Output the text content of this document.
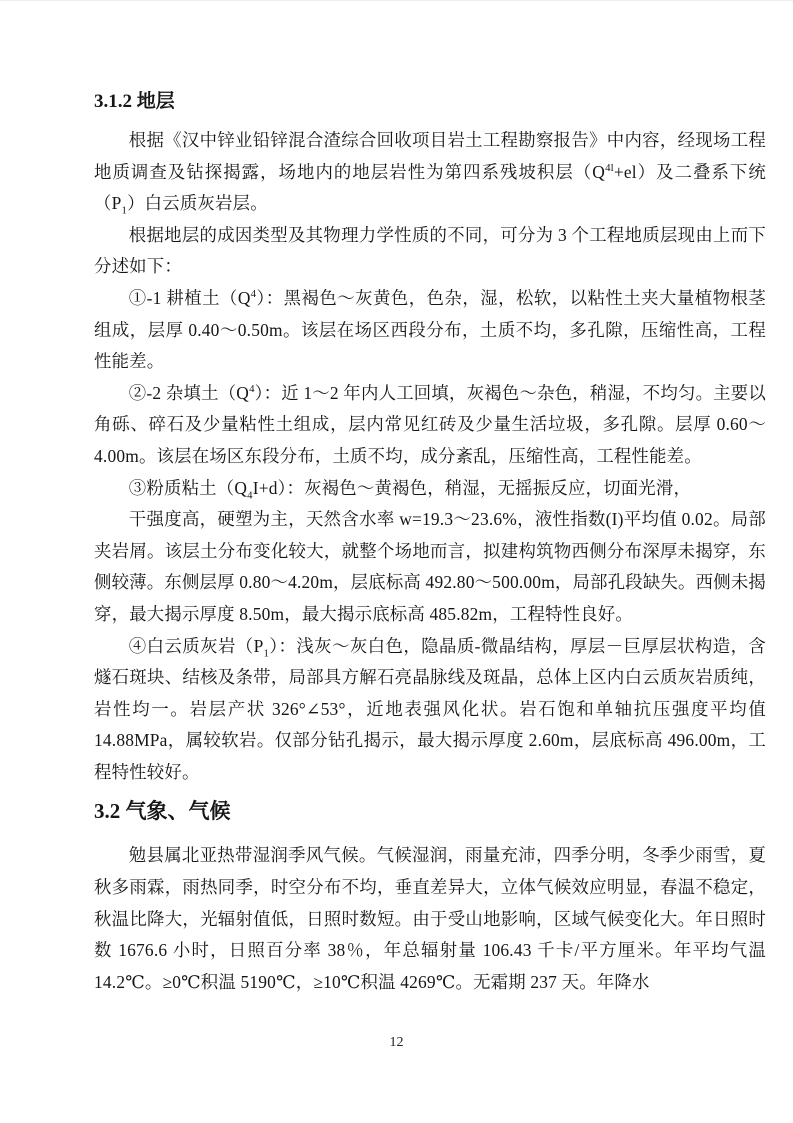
3.1.2 地层
根据《汉中锌业铅锌混合渣综合回收项目岩土工程勘察报告》中内容，经现场工程地质调查及钻探揭露，场地内的地层岩性为第四系残坡积层$(Q^{4l}+el)$及二叠系下统$(P_1)$白云质灰岩层。
根据地层的成因类型及其物理力学性质的不同，可分为 3 个工程地质层现由上而下分述如下：
①-1 耕植土$(Q^4)$：黑褐色～灰黄色，色杂，湿，松软，以粘性土夹大量植物根茎组成，层厚 0.40～0.50m。该层在场区西段分布，土质不均，多孔隙，压缩性高，工程性能差。
②-2 杂填土$(Q^4)$：近 1～2 年内人工回填，灰褐色～杂色，稍湿，不均匀。主要以角砾、碎石及少量粘性土组成，层内常见红砖及少量生活垃圾，多孔隙。层厚 0.60～4.00m。该层在场区东段分布，土质不均，成分紊乱，压缩性高，工程性能差。
③粉质粘土$(Q_4I+d)$：灰褐色～黄褐色，稍湿，无摇振反应，切面光滑，
干强度高，硬塑为主，天然含水率 w=19.3～23.6%，液性指数(I)平均值 0.02。局部夹岩屑。该层土分布变化较大，就整个场地而言，拟建构筑物西侧分布深厚未揭穿，东侧较薄。东侧层厚 0.80～4.20m，层底标高 492.80～500.00m，局部孔段缺失。西侧未揭穿，最大揭示厚度 8.50m，最大揭示底标高 485.82m，工程特性良好。
④白云质灰岩$(P_1)$：浅灰～灰白色，隐晶质-微晶结构，厚层－巨厚层状构造，含燧石斑块、结核及条带，局部具方解石亮晶脉线及斑晶，总体上区内白云质灰岩质纯，岩性均一。岩层产状 326°∠53°，近地表强风化状。岩石饱和单轴抗压强度平均值 14.88MPa，属较软岩。仅部分钻孔揭示，最大揭示厚度 2.60m，层底标高 496.00m，工程特性较好。
3.2 气象、气候
勉县属北亚热带湿润季风气候。气候湿润，雨量充沛，四季分明，冬季少雨雪，夏秋多雨霖，雨热同季，时空分布不均，垂直差异大，立体气候效应明显，春温不稳定，秋温比降大，光辐射值低，日照时数短。由于受山地影响，区域气候变化大。年日照时数 1676.6 小时，日照百分率 38％，年总辐射量 106.43 千卡/平方厘米。年平均气温 14.2℃。≥0℃积温 5190℃，≥10℃积温 4269℃。无霜期 237 天。年降水
12
